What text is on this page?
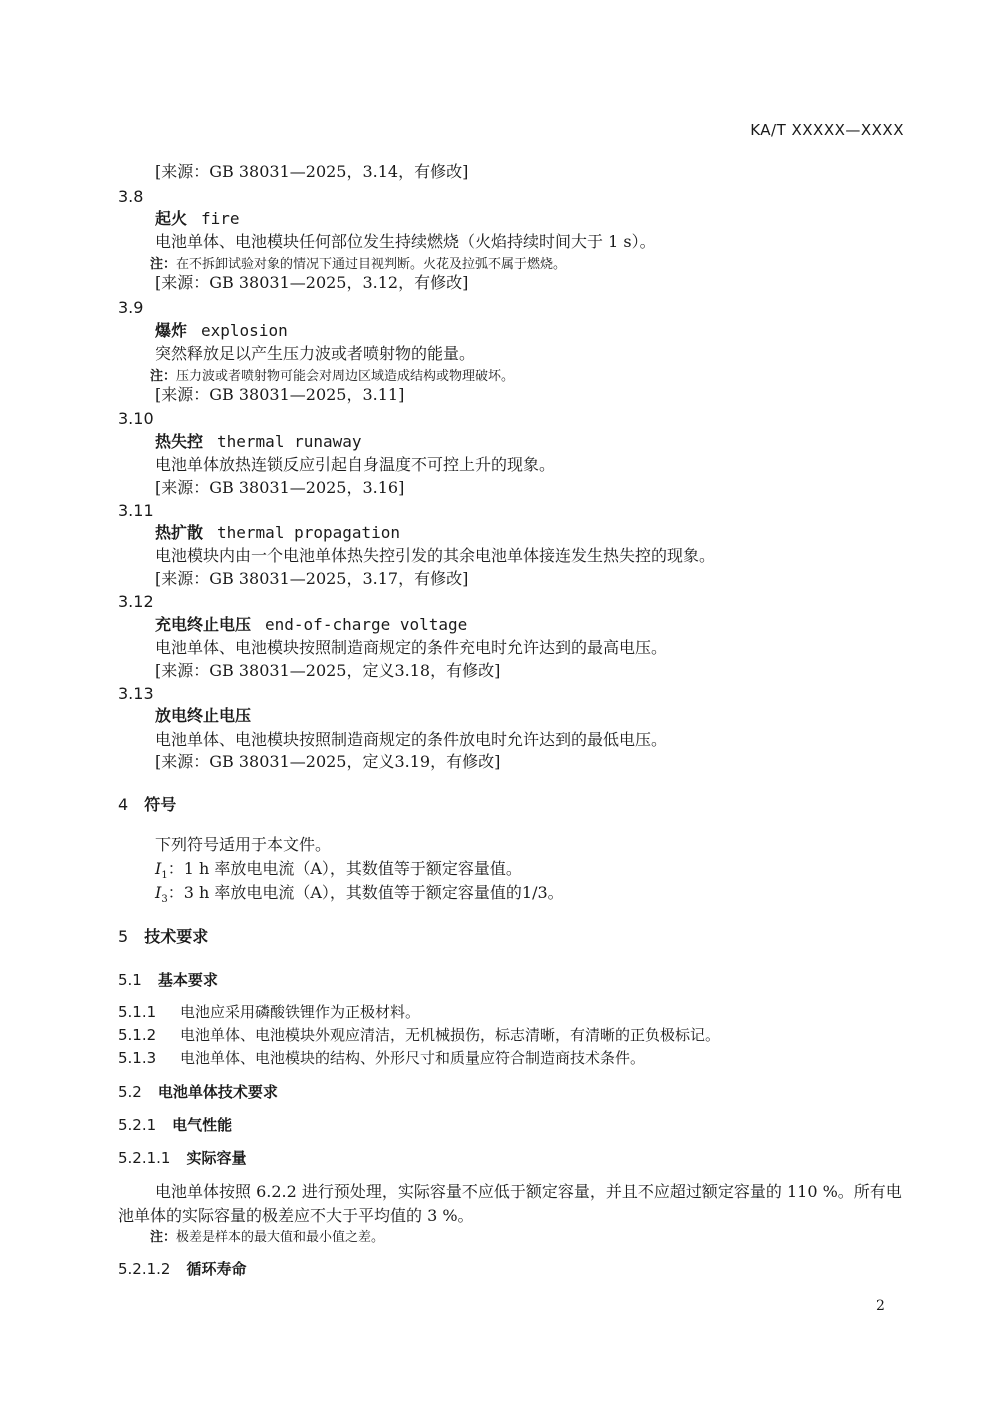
KA/T XXXXX—XXXX
[来源：GB 38031—2025，3.14，有修改]
3.8
起火 fire
电池单体、电池模块任何部位发生持续燃烧（火焰持续时间大于 1 s）。
注：在不拆卸试验对象的情况下通过目视判断。火花及拉弧不属于燃烧。
[来源：GB 38031—2025，3.12，有修改]
3.9
爆炸 explosion
突然释放足以产生压力波或者喷射物的能量。
注：压力波或者喷射物可能会对周边区域造成结构或物理破坏。
[来源：GB 38031—2025，3.11]
3.10
热失控 thermal runaway
电池单体放热连锁反应引起自身温度不可控上升的现象。
[来源：GB 38031—2025，3.16]
3.11
热扩散 thermal propagation
电池模块内由一个电池单体热失控引发的其余电池单体接连发生热失控的现象。
[来源：GB 38031—2025，3.17，有修改]
3.12
充电终止电压 end-of-charge voltage
电池单体、电池模块按照制造商规定的条件充电时允许达到的最高电压。
[来源：GB 38031—2025，定义3.18，有修改]
3.13
放电终止电压
电池单体、电池模块按照制造商规定的条件放电时允许达到的最低电压。
[来源：GB 38031—2025，定义3.19，有修改]
4 符号
下列符号适用于本文件。
$I_1$：1 h 率放电电流（A），其数值等于额定容量值。
$I_3$：3 h 率放电电流（A），其数值等于额定容量值的1/3。
5 技术要求
5.1 基本要求
5.1.1 电池应采用磷酸铁锂作为正极材料。
5.1.2 电池单体、电池模块外观应清洁，无机械损伤，标志清晰，有清晰的正负极标记。
5.1.3 电池单体、电池模块的结构、外形尺寸和质量应符合制造商技术条件。
5.2 电池单体技术要求
5.2.1 电气性能
5.2.1.1 实际容量
电池单体按照 6.2.2 进行预处理，实际容量不应低于额定容量，并且不应超过额定容量的 110 %。所有电池单体的实际容量的极差应不大于平均值的 3 %。
注：极差是样本的最大值和最小值之差。
5.2.1.2 循环寿命
2
